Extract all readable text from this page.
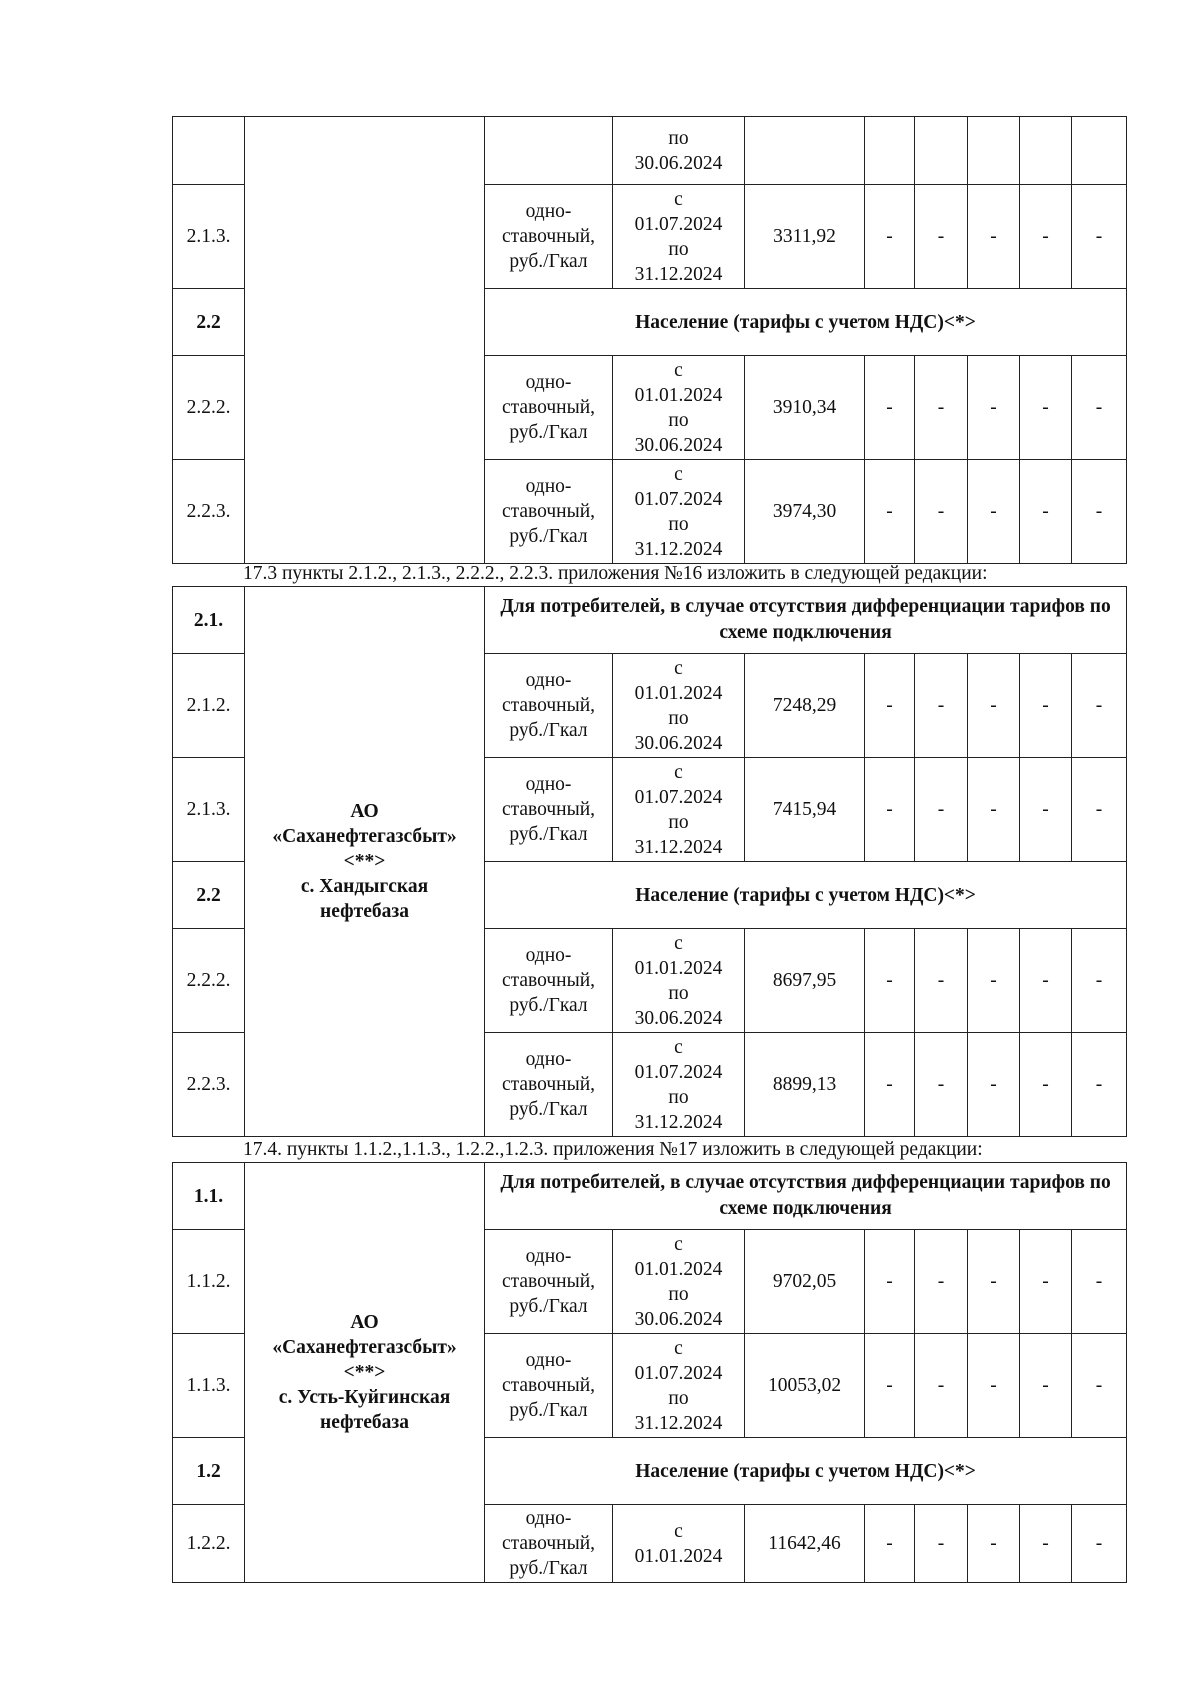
			по
30.06.2024						

2.1.3.		одно-
ставочный,
руб./Гкал	с
01.07.2024
по
31.12.2024	3311,92	-	-	-	-	-
2.2		Население (тарифы с учетом НДС)<*>							
2.2.2.		одно-
ставочный,
руб./Гкал	с
01.01.2024
по
30.06.2024	3910,34	-	-	-	-	-
2.2.3.		одно-
ставочный,
руб./Гкал	с
01.07.2024
по
31.12.2024	3974,30	-	-	-	-	-
17.3 пункты 2.1.2., 2.1.3., 2.2.2., 2.2.3. приложения №16 изложить в следующей редакции:
2.1.	АО
«Саханефтегазсбыт»
<**>
с. Хандыгская
нефтебаза	Для потребителей, в случае отсутствия дифференциации тарифов по схеме подключения							
2.1.2.		одно-
ставочный,
руб./Гкал	с
01.01.2024
по
30.06.2024	7248,29	-	-	-	-	-
2.1.3.		одно-
ставочный,
руб./Гкал	с
01.07.2024
по
31.12.2024	7415,94	-	-	-	-	-
2.2		Население (тарифы с учетом НДС)<*>							
2.2.2.		одно-
ставочный,
руб./Гкал	с
01.01.2024
по
30.06.2024	8697,95	-	-	-	-	-
2.2.3.		одно-
ставочный,
руб./Гкал	с
01.07.2024
по
31.12.2024	8899,13	-	-	-	-	-
17.4. пункты 1.1.2.,1.1.3., 1.2.2.,1.2.3. приложения №17 изложить в следующей редакции:
1.1.	АО
«Саханефтегазсбыт»
<**>
с. Усть-Куйгинская
нефтебаза	Для потребителей, в случае отсутствия дифференциации тарифов по схеме подключения							
1.1.2.		одно-
ставочный,
руб./Гкал	с
01.01.2024
по
30.06.2024	9702,05	-	-	-	-	-
1.1.3.		одно-
ставочный,
руб./Гкал	с
01.07.2024
по
31.12.2024	10053,02	-	-	-	-	-
1.2		Население (тарифы с учетом НДС)<*>							
1.2.2.		одно-
ставочный,
руб./Гкал	с
01.01.2024	11642,46	-	-	-	-	-
